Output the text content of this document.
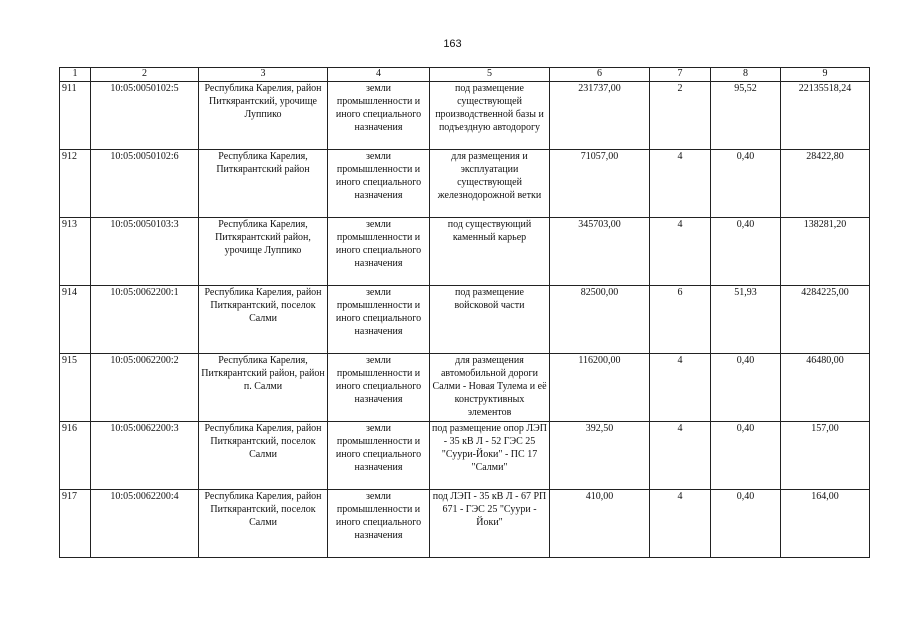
163
1	2	3	4	5	6	7	8	9
911	10:05:0050102:5	Республика Карелия, район Питкярантский, урочище Луппико	земли промышленности и иного специального назначения	под размещение существующей производственной базы и подъездную автодорогу	231737,00	2	95,52	22135518,24
912	10:05:0050102:6	Республика Карелия, Питкярантский район	земли промышленности и иного специального назначения	для размещения и эксплуатации существующей железнодорожной ветки	71057,00	4	0,40	28422,80
913	10:05:0050103:3	Республика Карелия, Питкярантский район, урочище Луппико	земли промышленности и иного специального назначения	под существующий каменный карьер	345703,00	4	0,40	138281,20
914	10:05:0062200:1	Республика Карелия, район Питкярантский, поселок Салми	земли промышленности и иного специального назначения	под размещение войсковой части	82500,00	6	51,93	4284225,00
915	10:05:0062200:2	Республика Карелия, Питкярантский район, район п. Салми	земли промышленности и иного специального назначения	для размещения автомобильной дороги Салми - Новая Тулема и её конструктивных элементов	116200,00	4	0,40	46480,00
916	10:05:0062200:3	Республика Карелия, район Питкярантский, поселок Салми	земли промышленности и иного специального назначения	под размещение опор ЛЭП - 35 кВ Л - 52 ГЭС 25 "Суури-Йоки" - ПС 17 "Салми"	392,50	4	0,40	157,00
917	10:05:0062200:4	Республика Карелия, район Питкярантский, поселок Салми	земли промышленности и иного специального назначения	под ЛЭП - 35 кВ Л - 67 РП 671 - ГЭС 25 "Суури - Йоки"	410,00	4	0,40	164,00
